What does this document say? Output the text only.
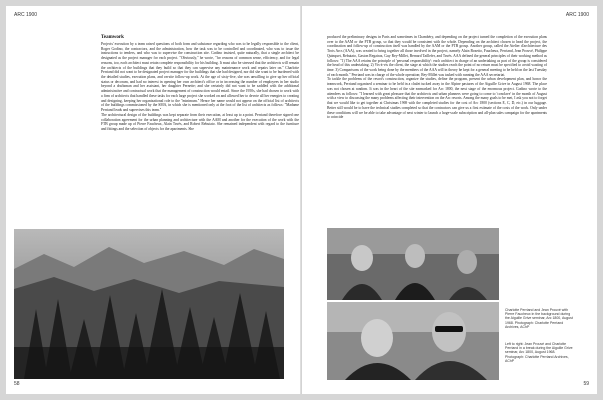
ARC 1900
Teamwork

Projects' execution by a team raised questions of both form and substance regarding who was to be legally responsible to the client, Roger Godino, the contractors, and the administration, how the task was to be controlled and coordinated, who was to issue the instructions to tenders, and who was to supervise the construction site. Godino insisted, quite naturally, that a single architect be designated as the project manager for each project. "Obviously," he wrote, "for reasons of common sense, efficiency, and for legal reasons, too, each architect must retain complete responsibility for his building. It must also be stressed that the architects will remain the architects of the buildings that they build so that they can supervise any maintenance work and repairs later on." Charlotte Perriand did not want to be designated project manager for the buildings that she had designed, nor did she want to be burdened with the detailed studies, execution plans, and on-site follow-up work. At the age of sixty-five, she was unwilling to give up her official status or decorum, and had no interest in opening her own architect's office or in increasing the number of employees in her studio beyond a draftsman and her assistant, her daughter Pernette; and she certainly did not want to be saddled with the additional administrative and contractual work that the management of construction would entail. Since the 1950s, she had chosen to work with a firm of architects that handled these tasks for each large project she worked on and allowed her to devote all her energies to creating and designing, keeping her organizational role to the "minimum." Hence her name would not appear on the official list of architects of the buildings commissioned by the SMA, in which she is mentioned only at the foot of the list of architects as follows: "Madame Perriand leads and supervises this team."

The architectural design of the buildings was kept separate from their execution, at least up to a point. Perriand therefore signed one collaboration agreement for the urban planning and architecture with the AAM and another for the execution of the work with the FTB group made up of Pierre Faucheux, Alain Tavès, and Robert Rebutato. She remained independent with regard to the furniture and fittings and the selection of objects for the apartments. She

58
ARC 1900

produced the preliminary designs in Paris and sometimes in Chambéry, and depending on the project turned the completion of the execution plans over to the AAM or the FTB group, so that they would be consistent with the whole. Depending on the architect chosen to head the project, the coordination and follow-up of construction itself was handled by the AAM or the FTB group. Another group, called the Atelier d'architecture des Trois Arcs (AAA), was created to bring together all those involved in the project, namely Alain Bozetto, Faucheux, Perriand, Jean Prouvé, Philippe Quinquet, Rebutato, Gaston Regairaz, Guy Rey-Millet, Bernard Taillefer, and Tavès. AAA defined the general principles of their working method as follows: "1) The AAA retains the principle of 'personal responsibility': each architect in charge of an undertaking as part of the group is considered the head of this undertaking. 2) Vis-à-vis the client, the stage at which the studies reach the point of no return must be specified to avoid wasting of time. 3) Comparisons of the work being done by the members of the AAA will in theory be kept for a general meeting to be held on the last Tuesday of each month." Perriand was in charge of the whole operation; Rey-Millet was tasked with running the AAA secretariat.

To tackle the problems of the resort's construction, organize the studies, define the program, present the urban development plan, and honor the teamwork, Perriand organized a seminar to be held in a chalet tucked away in the Alpine pastures of the Aiguille Grive in August 1968. The place was not chosen at random. It was in the heart of the site earmarked for Arc 1800, the next stage of the enormous project. Godino wrote to the attendees as follows: "I learned with great pleasure that the architects and urban planners were going to come to 'conclave' in the month of August with a view to discussing the many problems affecting their intervention on the Arc resorts. Among the many goals to be met, I ask you not to forget that we would like to get together at Christmas 1969 with the completed studies for the cost of Arc 1800 (sections E, C, D, etc.) in our luggage. Better still would be to have the technical studies completed so that the contractors can give us a first estimate of the costs of the work. Only under these conditions will we be able to take advantage of next winter to launch a large-scale subscription and all-plan sales campaign for the apartments to coincide

Charlotte Perriand and Jean Prouvé with Pierre Faucheux in the background during the Aiguille Grive seminar, Arc 1800, August 1968. Photograph: Charlotte Perriand Archives, AChP

Left to right: Jean Prouvé and Charlotte Perriand in a break during the Aiguille Grive seminar, Arc 1800, August 1968. Photograph: Charlotte Perriand Archives, AChP

59
